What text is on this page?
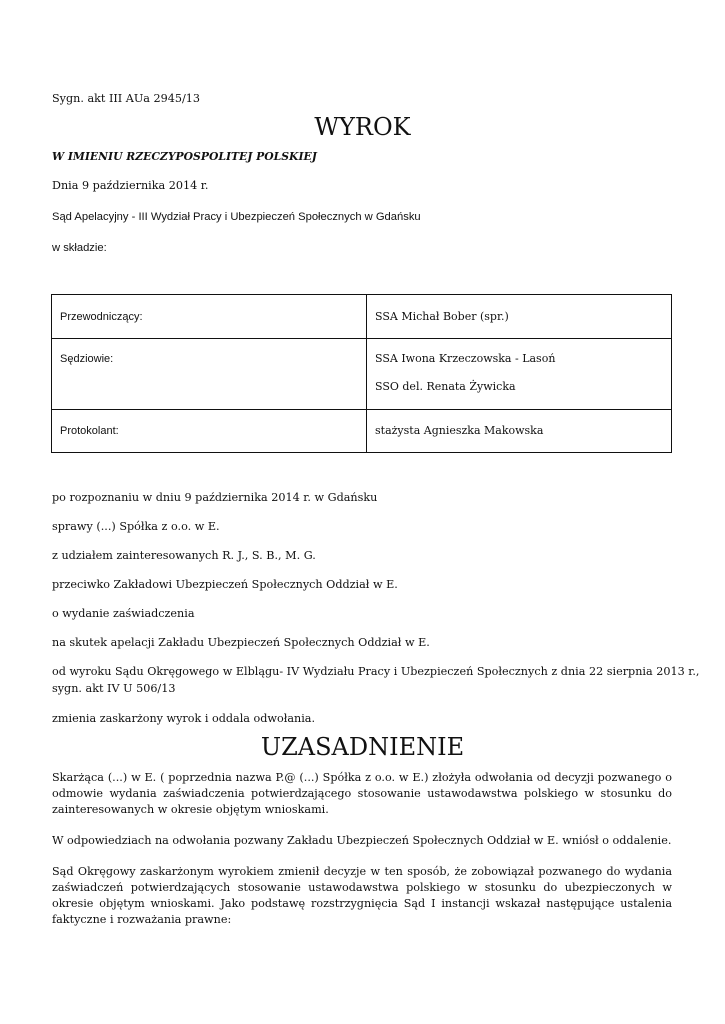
Sygn. akt III AUa 2945/13

WYROK

W IMIENIU RZECZYPOSPOLITEJ POLSKIEJ

Dnia 9 października 2014 r.

Sąd Apelacyjny - III Wydział Pracy i Ubezpieczeń Społecznych w Gdańsku

w składzie:

Przewodniczący:	SSA Michał Bober (spr.)

Sędziowie:	SSA Iwona Krzeczowska - Lasoń
SSO del. Renata Żywicka

Protokolant:	stażysta Agnieszka Makowska

po rozpoznaniu w dniu 9 października 2014 r. w Gdańsku

sprawy (...) Spółka z o.o. w E.

z udziałem zainteresowanych R. J., S. B., M. G.

przeciwko Zakładowi Ubezpieczeń Społecznych Oddział w E.

o wydanie zaświadczenia

na skutek apelacji Zakładu Ubezpieczeń Społecznych Oddział w E.

od wyroku Sądu Okręgowego w Elblągu- IV Wydziału Pracy i Ubezpieczeń Społecznych z dnia 22 sierpnia 2013 r.,

sygn. akt IV U 506/13

zmienia zaskarżony wyrok i oddala odwołania.

UZASADNIENIE

Skarżąca (...) w E. ( poprzednia nazwa P.@ (...) Spółka z o.o. w E.) złożyła odwołania od decyzji pozwanego o odmowie wydania zaświadczenia potwierdzającego stosowanie ustawodawstwa polskiego w stosunku do zainteresowanych w okresie objętym wnioskami.

W odpowiedziach na odwołania pozwany Zakładu Ubezpieczeń Społecznych Oddział w E. wniósł o oddalenie.

Sąd Okręgowy zaskarżonym wyrokiem zmienił decyzje w ten sposób, że zobowiązał pozwanego do wydania zaświadczeń potwierdzających stosowanie ustawodawstwa polskiego w stosunku do ubezpieczonych w okresie objętym wnioskami. Jako podstawę rozstrzygnięcia Sąd I instancji wskazał następujące ustalenia faktyczne i rozważania prawne:
